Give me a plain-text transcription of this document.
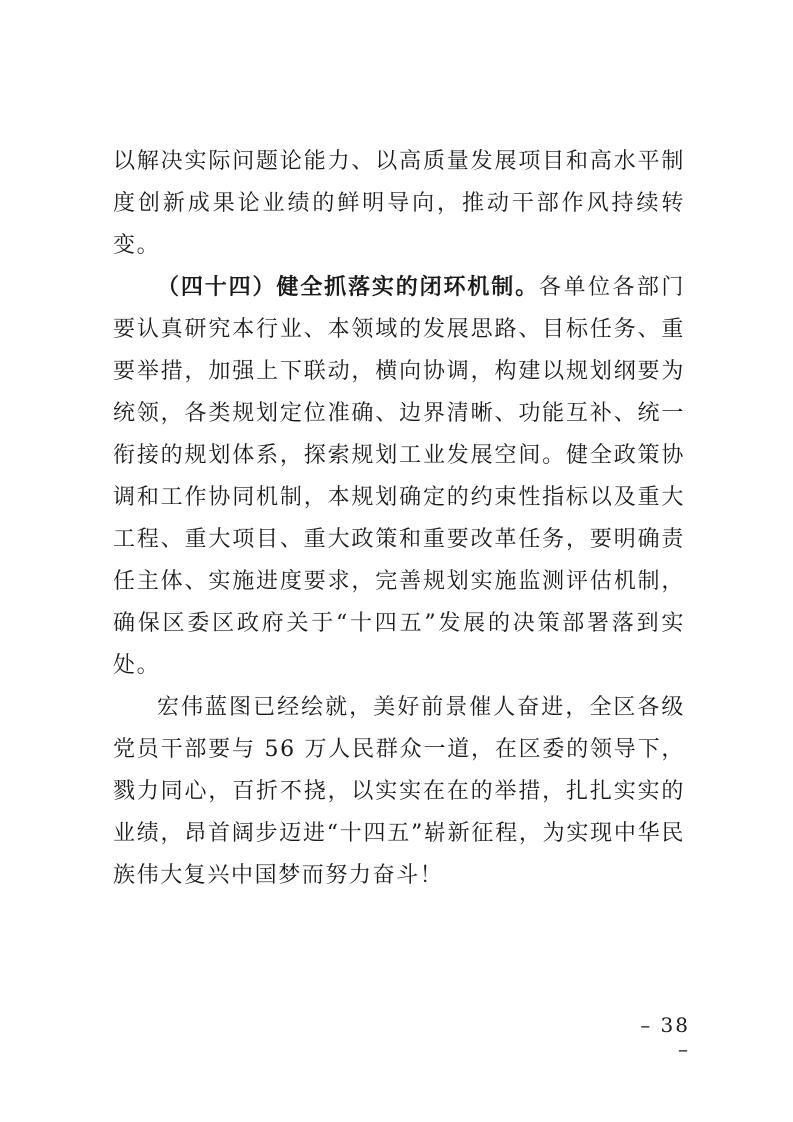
以解决实际问题论能力、以高质量发展项目和高水平制度创新成果论业绩的鲜明导向，推动干部作风持续转变。

（四十四）健全抓落实的闭环机制。各单位各部门要认真研究本行业、本领域的发展思路、目标任务、重要举措，加强上下联动，横向协调，构建以规划纲要为统领，各类规划定位准确、边界清晰、功能互补、统一衔接的规划体系，探索规划工业发展空间。健全政策协调和工作协同机制，本规划确定的约束性指标以及重大工程、重大项目、重大政策和重要改革任务，要明确责任主体、实施进度要求，完善规划实施监测评估机制，确保区委区政府关于“十四五”发展的决策部署落到实处。

宏伟蓝图已经绘就，美好前景催人奋进，全区各级党员干部要与 56 万人民群众一道，在区委的领导下，戮力同心，百折不挠，以实实在在的举措，扎扎实实的业绩，昂首阔步迈进“十四五”崭新征程，为实现中华民族伟大复兴中国梦而努力奋斗！

– 38 –
